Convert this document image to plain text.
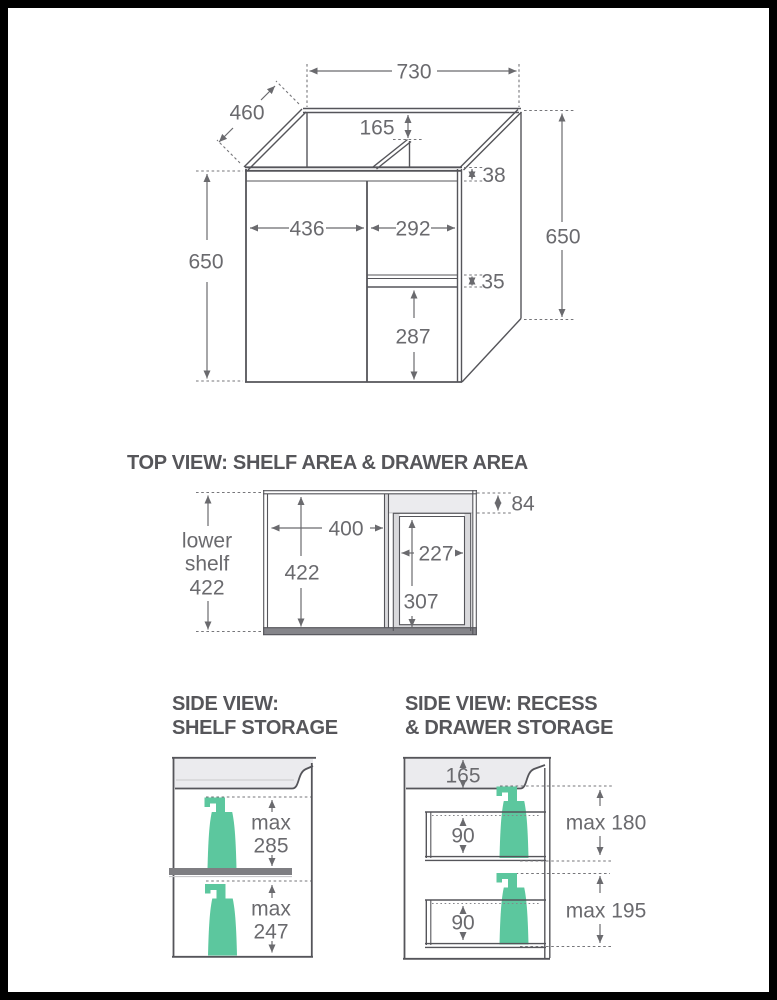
730
460
165
38
436	292
650
650
35
287
TOP VIEW: SHELF AREA & DRAWER AREA
400
422
227
307
84
lower
shelf
422
SIDE VIEW:
SHELF STORAGE
max
285
max
247
SIDE VIEW: RECESS
& DRAWER STORAGE
165
90
90
max 180
max 195
